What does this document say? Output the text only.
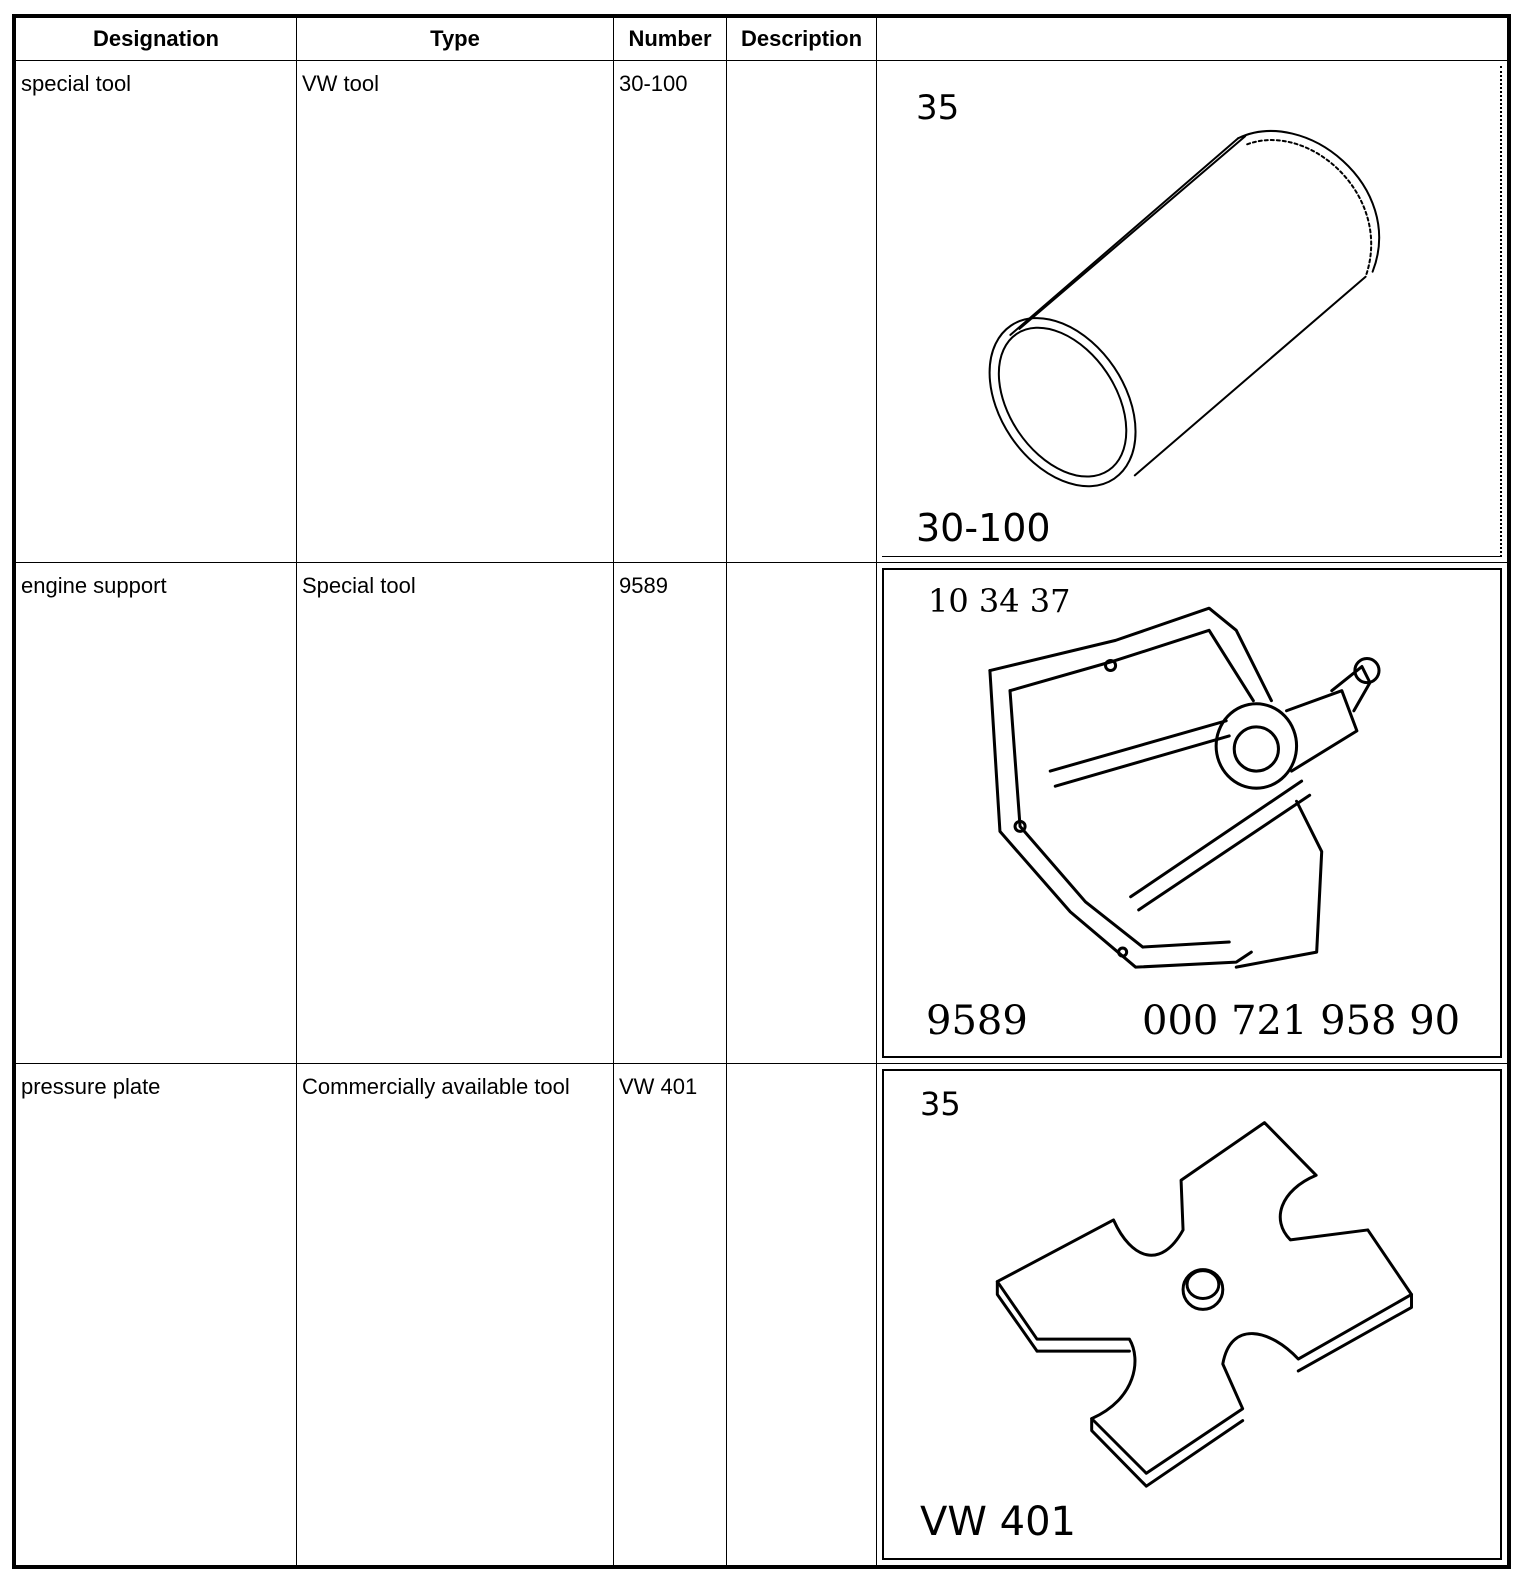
Designation	Type	Number	Description	
special tool	VW tool	30-100		35
30-100

engine support	Special tool	9589		10 34 37
9589 000 721 958 90

pressure plate	Commercially available tool	VW 401		35
VW 401
